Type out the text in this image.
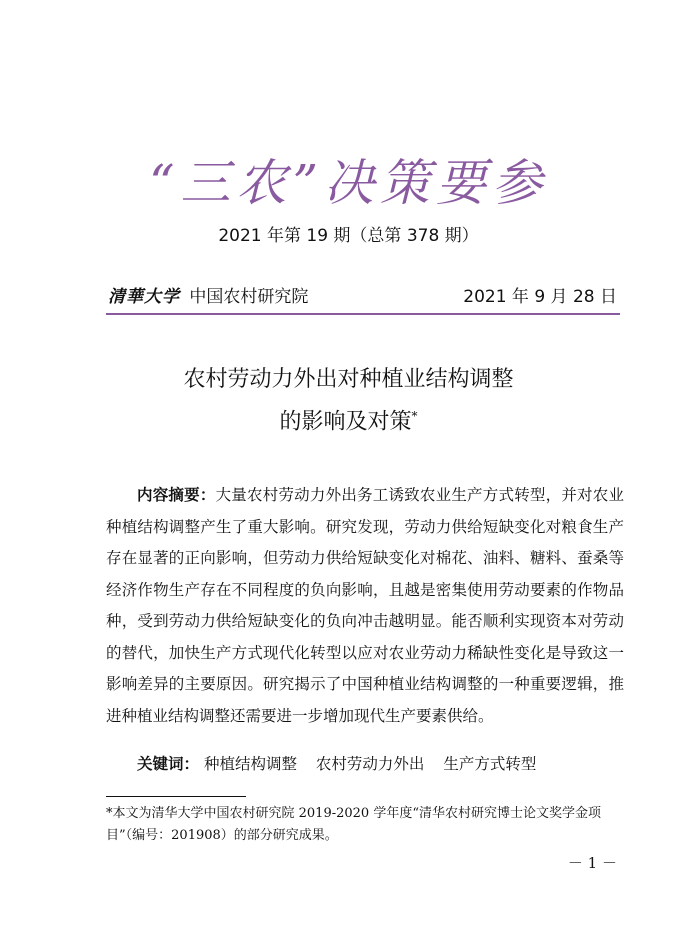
“三农”决策要参
2021 年第 19 期（总第 378 期）
清華大学 中国农村研究院	2021 年 9 月 28 日
农村劳动力外出对种植业结构调整
的影响及对策*
内容摘要：大量农村劳动力外出务工诱致农业生产方式转型，并对农业种植结构调整产生了重大影响。研究发现，劳动力供给短缺变化对粮食生产存在显著的正向影响，但劳动力供给短缺变化对棉花、油料、糖料、蚕桑等经济作物生产存在不同程度的负向影响，且越是密集使用劳动要素的作物品种，受到劳动力供给短缺变化的负向冲击越明显。能否顺利实现资本对劳动的替代，加快生产方式现代化转型以应对农业劳动力稀缺性变化是导致这一影响差异的主要原因。研究揭示了中国种植业结构调整的一种重要逻辑，推进种植业结构调整还需要进一步增加现代生产要素供给。
关键词： 种植结构调整 农村劳动力外出 生产方式转型
*本文为清华大学中国农村研究院 2019-2020 学年度“清华农村研究博士论文奖学金项目”（编号：201908）的部分研究成果。
－ 1 －
